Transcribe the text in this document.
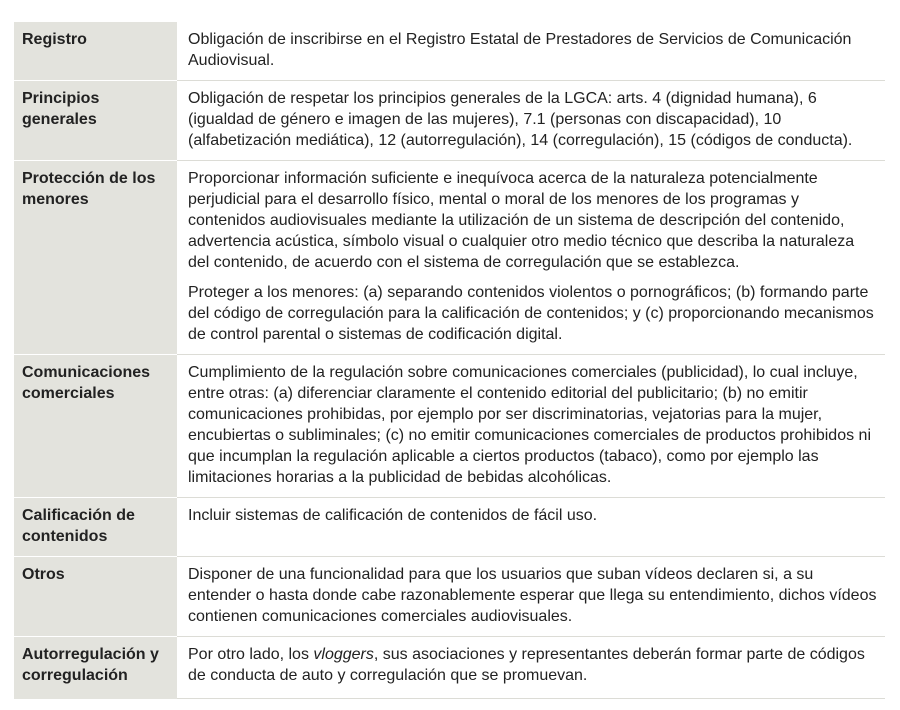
Registro	Obligación de inscribirse en el Registro Estatal de Prestadores de Servicios de Comunicación Audiovisual.

Principios generales	Obligación de respetar los principios generales de la LGCA: arts. 4 (dignidad humana), 6 (igualdad de género e imagen de las mujeres), 7.1 (personas con discapacidad), 10 (alfabetización mediática), 12 (autorregulación), 14 (corregulación), 15 (códigos de conducta).

Protección de los menores	Proporcionar información suficiente e inequívoca acerca de la naturaleza potencialmente perjudicial para el desarrollo físico, mental o moral de los menores de los programas y contenidos audiovisuales mediante la utilización de un sistema de descripción del contenido, advertencia acústica, símbolo visual o cualquier otro medio técnico que describa la naturaleza del contenido, de acuerdo con el sistema de corregulación que se establezca.

Proteger a los menores: (a) separando contenidos violentos o pornográficos; (b) formando parte del código de corregulación para la calificación de contenidos; y (c) proporcionando mecanismos de control parental o sistemas de codificación digital.

Comunicaciones comerciales	Cumplimiento de la regulación sobre comunicaciones comerciales (publicidad), lo cual incluye, entre otras: (a) diferenciar claramente el contenido editorial del publicitario; (b) no emitir comunicaciones prohibidas, por ejemplo por ser discriminatorias, vejatorias para la mujer, encubiertas o subliminales; (c) no emitir comunicaciones comerciales de productos prohibidos ni que incumplan la regulación aplicable a ciertos productos (tabaco), como por ejemplo las limitaciones horarias a la publicidad de bebidas alcohólicas.

Calificación de contenidos	Incluir sistemas de calificación de contenidos de fácil uso.

Otros	Disponer de una funcionalidad para que los usuarios que suban vídeos declaren si, a su entender o hasta donde cabe razonablemente esperar que llega su entendimiento, dichos vídeos contienen comunicaciones comerciales audiovisuales.

Autorregulación y corregulación	Por otro lado, los vloggers, sus asociaciones y representantes deberán formar parte de códigos de conducta de auto y corregulación que se promuevan.
